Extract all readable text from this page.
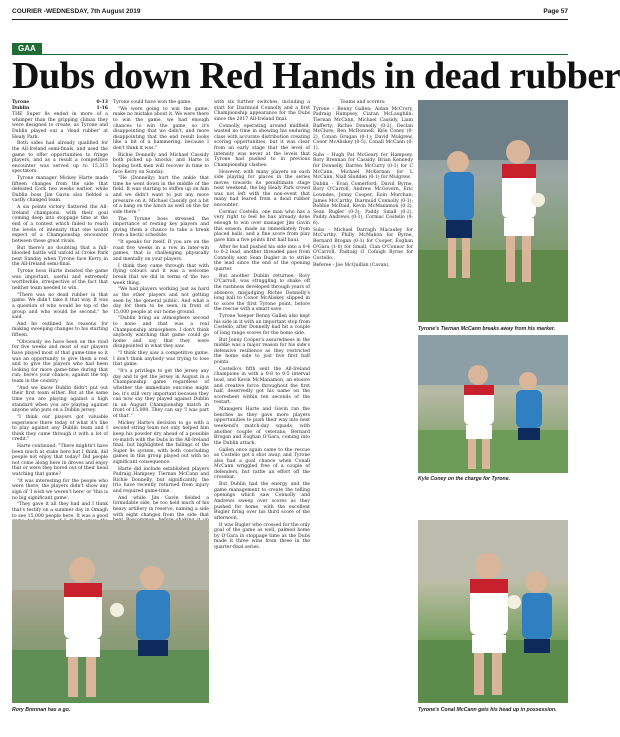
COURIER -WEDNESDAY, 7th August 2019	Page 57
GAA
Dubs down Red Hands in dead rubber
Tyrone	0-13
Dublin	1-16

THE Super 8s ended in more of a whimper than the gripping climax they were designed to create, as Tyrone and Dublin played out a 'dead rubber' at Healy Park.

Both sides had already qualified for the All-Ireland semi-finals, and used the game to offer opportunities to fringe players, and as a result a competitive encounter was served up to 15,315 spectators.

Tyrone manager Mickey Harte made fifteen changes from the side that defeated Cork two weeks earlier, while Dublin boss Jim Gavin also fielded a vastly changed team.

A six points victory flattered the All-Ireland champions, with their goal coming deep into stoppage time at the end of a contest which failed to reach the levels of intensity that one would expect of a Championship encounter between these great rivals.

But there's no doubting that a full-blooded battle will unfold at Croke Park next Sunday when Tyrone face Kerry in the All-Ireland semi-final.

Tyrone boss Harte insisted the game was important, useful and extremely worthwhile, irrespective of the fact that neither team needed to win.

"There was no dead rubber in that game. We didn't take it that way. It was a question of who would be top of the group and who would be second," he said.

And he outlined his reasons for making sweeping changes to his starting fifteen.

"Obviously we have been on the road for five weeks and most of our players have played most of that game-time so it was an opportunity to give them a rest and to give the players who had been looking for more game-time during that run; here's your chance, against the top team in the country.

"And we know Dublin didn't put out their first team either. But at the same time you are playing against a high standard when you are playing against anyone who puts on a Dublin jersey.

"I think our players got valuable experience there today of what it's like to play against any Dublin team and I think they came through it with a lot of credit."

Harte continued: "There mightn't have been much at stake here but I think, did people not enjoy that today? Did people not come along here in droves and enjoy that or were they bored out of their head watching that game?

"It was interesting for the people who were there, the players didn't show any sign of 'I wish we weren't here' or 'this is no big significant game'.

"They gave it all they had and I think that's testify on a summer day in Omagh to see 15,000 people here. It was a good

Tyrone could have won the game.

"We were going to win the game, make no mistake about it. We were there to win the game, we had enough chances to win the game, so it's disappointing that we didn't, and more disappointing that the end result looks like a bit of a hammering, because I don't think it was."

Richie Donnelly and Michael Cassidy both picked up knocks, and Harte is hoping both men will recover in time to face Kerry on Sunday.

"He (Donnelly) hurt the ankle that time he went down in the middle of the field. It was starting to stiffen up on him and we didn't want to put any more pressure on it. Michael Cassidy got a bit of a bang on the hinch as well on the far side there."

The Tyrone boss stressed the importance of resting key players and giving them a chance to take a break from a hectic schedule.

"It speaks for itself. If you are on the road five weeks in a row in inter-win games, that is challenging physically and mentally on your players.

I think they came through that with flying colours and it was a welcome break that we did in terms of the two week thing.

"We had players working just as hard as the other players and not getting seen by the general public. And what a day for them to be seen, in front of 15,000 people at our home ground.

"Dublin bring an atmosphere second to none and that was a real Championship atmosphere. I don't think anybody watching that game could go home and say that they were disappointed in what they saw.

"I think they saw a competitive game. I don't think anybody was trying to lose that game.

"It's a privilege to get the jersey any day and to get the jersey in August in a Championship game regardless of whether the immediate outcome might be; it's still very important because they can now say they played against Dublin in an August Championship match in front of 15,000. They can say 'I was part of that'."

Mickey Harte's decision to go with a second string team not only helped him keep his powder dry ahead of a possible re-match with the Dubs in the All-Ireland final, but highlighted the failings of the Super 8s system, with both concluding games in this group played out with no significant consequence.

Harte did include established players Padraig Hampsey, Tiernan McCann and Richie Donnelly, but significantly, the trio have recently returned from injury and required game-time.

And while Jim Gavin fielded a formidable side, he too held much of his heavy artillery in reserve, naming a side with eight changes from the side that

with six further switches, including a start for Diarmuid Connolly and a first Championship appearance for the Dubs since the 2017 All-Ireland final.

Connolly, operating around midfield, wasted no time in showing his enduring class with accurate distribution creating scoring opportunities, but it was clear from an early stage that the level of intensity was never at the levels that Tyrone had pushed to in previous Championship clashes.

However, with many players on each side playing for places in the series moves towards its penultimate stage next weekend, the big Healy Park crowd was not left with the non-event that many had feared from a dead rubber encounter.

Cormac Costello, one man who has a very right to feel he has already done enough to win over manager Jim Gavin this season, made an immediately from placed balls, and a fine score from play gave him a five points first half haul.

After he had pushed his side into a 0-4 to 0-2 lead, another threaded pass from Connolly sent Sean Bugler in to strike the lead since the end of the opening quarter.

But another Dublin returnee, Rory O'Carroll, was struggling to shake off the rustiness developed through years of absence, misjudging Richie Donnelly's long ball to Conor McAliskey slipped in to score the first Tyrone point, before the rescue with a smart save.

Tyrone 'keeper Benny Gallen also kept his side in it with an important stop from Costello, after Donnelly had hit a couple of long range scores for the home side.

But Jonny Cooper's assuredness in the middle was a major reason for his side's defensive resilience as they restricted the home side to just five first half points.

Costello's fifth sent the All-Ireland champions in with a 0-8 to 0-5 interval lead, and Kevin McManamon, an elusive and creative force throughout the first half, deservedly got his name on the scoresheet within ten seconds of the restart.

Managers Harte and Gavin ran the benches as they gave more players opportunities to push their way into next weekend's match-day squads, with another couple of veterans, Bernard Brogan and Eoghan O'Gara, coming into the Dublin attack.

Gallen once again came to the rescue as Costello got a shot away, and Tyrone also had a goal chance when Conall McCann wriggled free of a couple of defenders, but rattle an effort off the crossbar.

But Dublin had the energy and the game management to create the telling openings which saw Connolly and Andrews sweep over scores as they pushed for home, with the excellent Bugler firing over his third score of the afternoon.

It was Bugler who crossed for the only goal of the game as well, palmed home by O'Gara in stoppage time as the Dubs made it three wins from three in the quarter-final series.

Teams and scorers:

Tyrone - Benny Gallen; Aidan McCrory, Padraig Hampsey, Ciaran McLaughlin; Tiernan McCann, Michael Cassidy, Liam Rafferty; Richie Donnelly (0-2), Declan McClure; Ben McDonnell, Kyle Coney (0-2), Conan Grugan (0-1); David Mulgrew, Conor McAliskey (0-5), Conall McCann (0-1).

Subs - Hugh Pat McGeary for Hampsey, Rory Brennan for Cassidy, Brian Kennedy for Donnelly, Darren McCurry (0-1) for C McCann, Michael McKernan for L McCann, Niall Sludden (0-1) for Mulgrew.

Dublin - Evan Comerford; David Byrne, Rory O'Carroll, Andrew McGovern, Eric Lowndes, Jonny Cooper, Eoin Murchan; James McCarthy, Diarmuid Connolly (0-1); Robbie McDaid, Kevin McManamon (0-2), Sean Bugler (0-3); Paddy Small (0-2), Paddy Andrews (0-1), Cormac Costello (0-6).

Subs - Michael Darragh Macauley for McCarthy, Philly McMahon for Byrne, Bernard Brogan (0-1) for Cooper, Eoghan O'Gara (1-0) for Small, Cian O'Connor for O'Carroll, Padraig O Cofaigh Byrne for Costello.

Referee - Joe McQuillan (Cavan).

Tyrone's Tiernan McCann breaks away from his marker.
Kyle Coney on the charge for Tyrone.
Rory Brennan has a go.	Tyrone's Conal McCann gets his head up in possession.
